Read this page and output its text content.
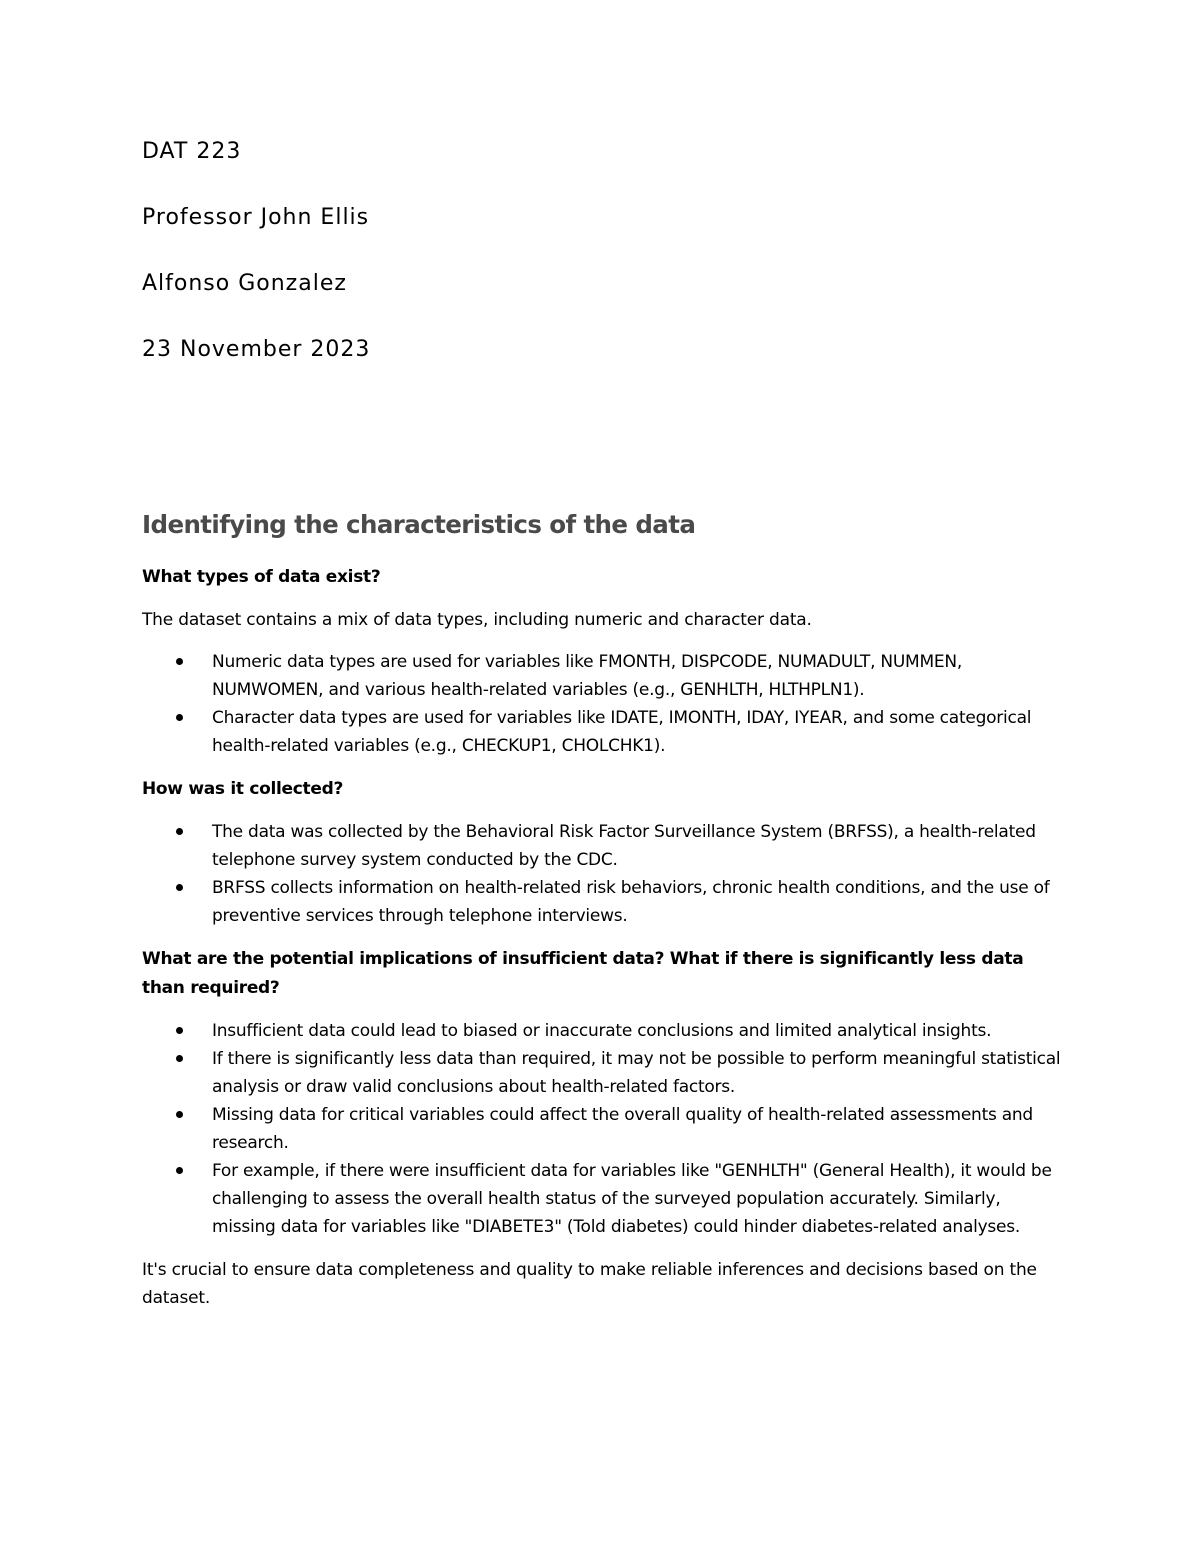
DAT 223
Professor John Ellis
Alfonso Gonzalez
23 November 2023
Identifying the characteristics of the data
What types of data exist?

The dataset contains a mix of data types, including numeric and character data.

Numeric data types are used for variables like FMONTH, DISPCODE, NUMADULT, NUMMEN, NUMWOMEN, and various health-related variables (e.g., GENHLTH, HLTHPLN1).
Character data types are used for variables like IDATE, IMONTH, IDAY, IYEAR, and some categorical health-related variables (e.g., CHECKUP1, CHOLCHK1).
How was it collected?
The data was collected by the Behavioral Risk Factor Surveillance System (BRFSS), a health-related telephone survey system conducted by the CDC.
BRFSS collects information on health-related risk behaviors, chronic health conditions, and the use of preventive services through telephone interviews.
What are the potential implications of insufficient data? What if there is significantly less data than required?
Insufficient data could lead to biased or inaccurate conclusions and limited analytical insights.
If there is significantly less data than required, it may not be possible to perform meaningful statistical analysis or draw valid conclusions about health-related factors.
Missing data for critical variables could affect the overall quality of health-related assessments and research.
For example, if there were insufficient data for variables like "GENHLTH" (General Health), it would be challenging to assess the overall health status of the surveyed population accurately. Similarly, missing data for variables like "DIABETE3" (Told diabetes) could hinder diabetes-related analyses.

It's crucial to ensure data completeness and quality to make reliable inferences and decisions based on the dataset.
